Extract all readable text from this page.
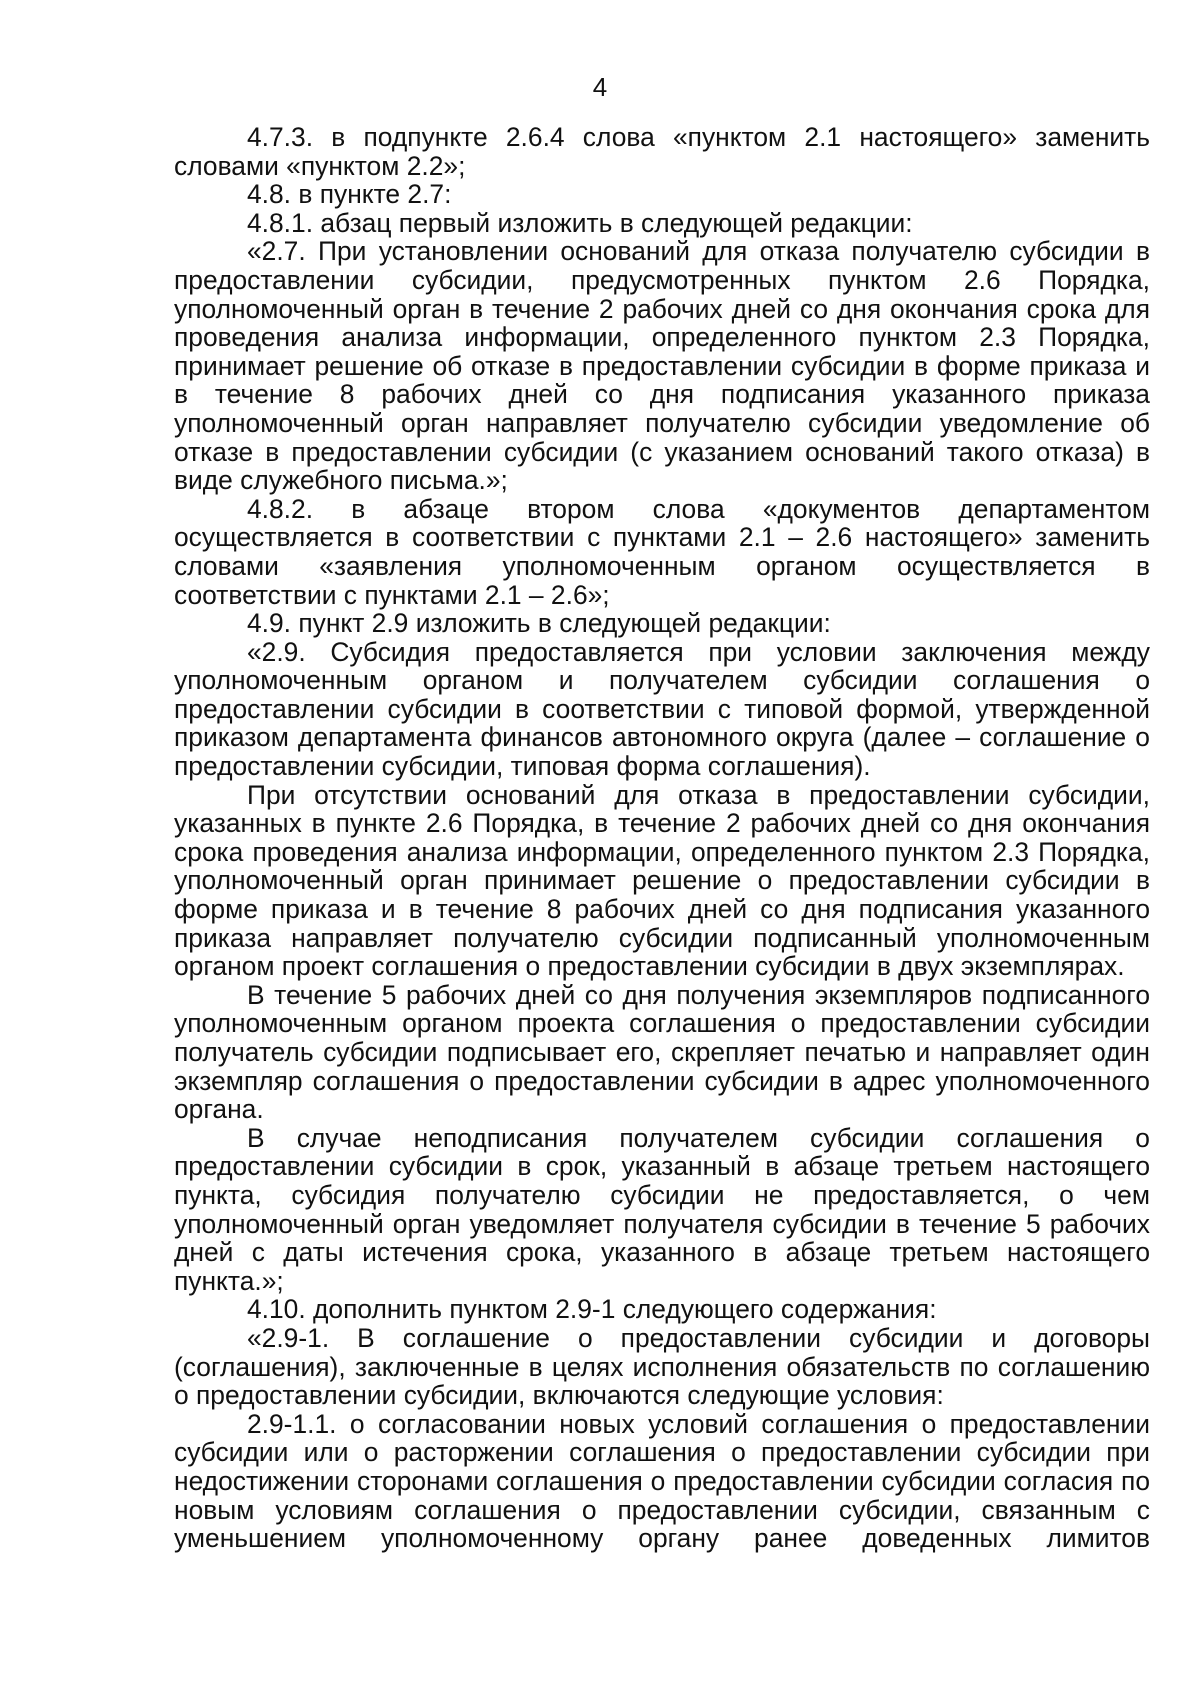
4

4.7.3. в подпункте 2.6.4 слова «пунктом 2.1 настоящего» заменить словами «пунктом 2.2»;

4.8. в пункте 2.7:

4.8.1. абзац первый изложить в следующей редакции:

«2.7. При установлении оснований для отказа получателю субсидии в предоставлении субсидии, предусмотренных пунктом 2.6 Порядка, уполномоченный орган в течение 2 рабочих дней со дня окончания срока для проведения анализа информации, определенного пунктом 2.3 Порядка, принимает решение об отказе в предоставлении субсидии в форме приказа и в течение 8 рабочих дней со дня подписания указанного приказа уполномоченный орган направляет получателю субсидии уведомление об отказе в предоставлении субсидии (с указанием оснований такого отказа) в виде служебного письма.»;

4.8.2. в абзаце втором слова «документов департаментом осуществляется в соответствии с пунктами 2.1 – 2.6 настоящего» заменить словами «заявления уполномоченным органом осуществляется в соответствии с пунктами 2.1 – 2.6»;

4.9. пункт 2.9 изложить в следующей редакции:

«2.9. Субсидия предоставляется при условии заключения между уполномоченным органом и получателем субсидии соглашения о предоставлении субсидии в соответствии с типовой формой, утвержденной приказом департамента финансов автономного округа (далее – соглашение о предоставлении субсидии, типовая форма соглашения).

При отсутствии оснований для отказа в предоставлении субсидии, указанных в пункте 2.6 Порядка, в течение 2 рабочих дней со дня окончания срока проведения анализа информации, определенного пунктом 2.3 Порядка, уполномоченный орган принимает решение о предоставлении субсидии в форме приказа и в течение 8 рабочих дней со дня подписания указанного приказа направляет получателю субсидии подписанный уполномоченным органом проект соглашения о предоставлении субсидии в двух экземплярах.

В течение 5 рабочих дней со дня получения экземпляров подписанного уполномоченным органом проекта соглашения о предоставлении субсидии получатель субсидии подписывает его, скрепляет печатью и направляет один экземпляр соглашения о предоставлении субсидии в адрес уполномоченного органа.

В случае неподписания получателем субсидии соглашения о предоставлении субсидии в срок, указанный в абзаце третьем настоящего пункта, субсидия получателю субсидии не предоставляется, о чем уполномоченный орган уведомляет получателя субсидии в течение 5 рабочих дней с даты истечения срока, указанного в абзаце третьем настоящего пункта.»;

4.10. дополнить пунктом 2.9-1 следующего содержания:

«2.9-1. В соглашение о предоставлении субсидии и договоры (соглашения), заключенные в целях исполнения обязательств по соглашению о предоставлении субсидии, включаются следующие условия:

2.9-1.1. о согласовании новых условий соглашения о предоставлении субсидии или о расторжении соглашения о предоставлении субсидии при недостижении сторонами соглашения о предоставлении субсидии согласия по новым условиям соглашения о предоставлении субсидии, связанным с уменьшением уполномоченному органу ранее доведенных лимитов
